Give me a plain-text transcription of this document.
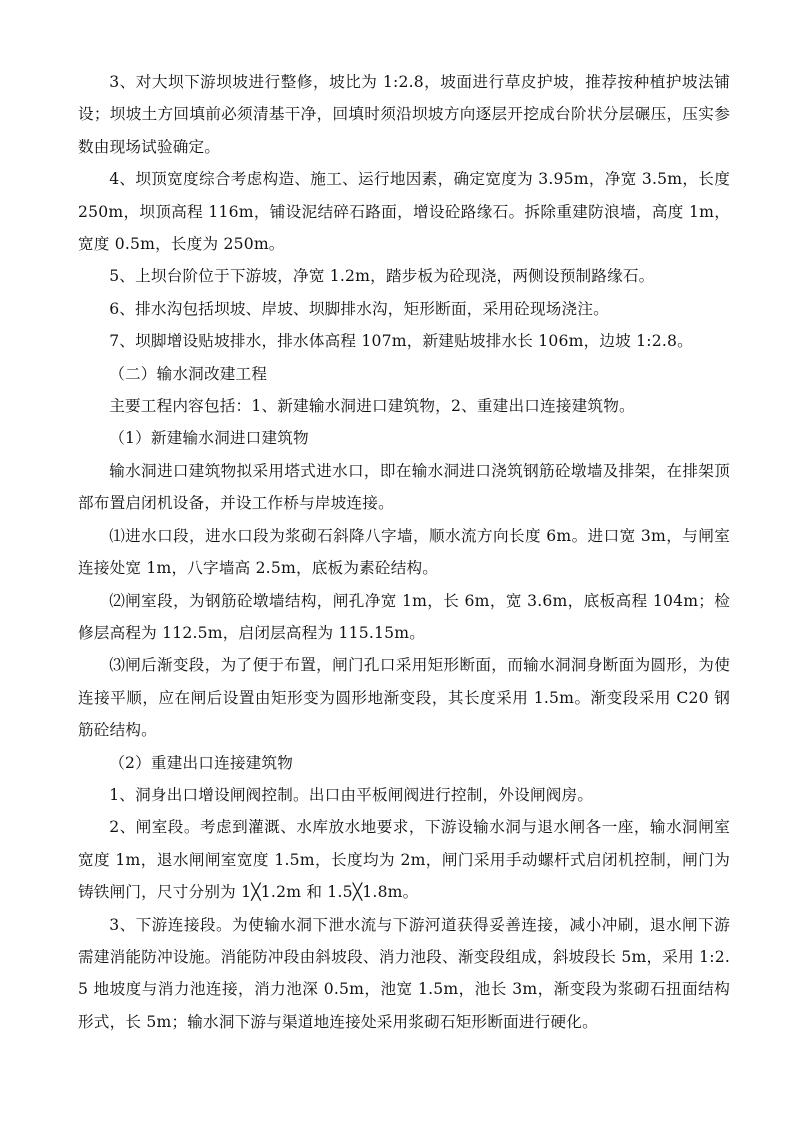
3、对大坝下游坝坡进行整修，坡比为 1:2.8，坡面进行草皮护坡，推荐按种植护坡法铺设；坝坡土方回填前必须清基干净，回填时须沿坝坡方向逐层开挖成台阶状分层碾压，压实参数由现场试验确定。

4、坝顶宽度综合考虑构造、施工、运行地因素，确定宽度为 3.95m，净宽 3.5m，长度 250m，坝顶高程 116m，铺设泥结碎石路面，增设砼路缘石。拆除重建防浪墙，高度 1m，宽度 0.5m，长度为 250m。

5、上坝台阶位于下游坡，净宽 1.2m，踏步板为砼现浇，两侧设预制路缘石。

6、排水沟包括坝坡、岸坡、坝脚排水沟，矩形断面，采用砼现场浇注。

7、坝脚增设贴坡排水，排水体高程 107m，新建贴坡排水长 106m，边坡 1:2.8。

（二）输水洞改建工程

主要工程内容包括：1、新建输水洞进口建筑物，2、重建出口连接建筑物。

（1）新建输水洞进口建筑物

输水洞进口建筑物拟采用塔式进水口，即在输水洞进口浇筑钢筋砼墩墙及排架，在排架顶部布置启闭机设备，并设工作桥与岸坡连接。

⑴进水口段，进水口段为浆砌石斜降八字墙，顺水流方向长度 6m。进口宽 3m，与闸室连接处宽 1m，八字墙高 2.5m，底板为素砼结构。

⑵闸室段，为钢筋砼墩墙结构，闸孔净宽 1m，长 6m，宽 3.6m，底板高程 104m；检修层高程为 112.5m，启闭层高程为 115.15m。

⑶闸后渐变段，为了便于布置，闸门孔口采用矩形断面，而输水洞洞身断面为圆形，为使连接平顺，应在闸后设置由矩形变为圆形地渐变段，其长度采用 1.5m。渐变段采用 C20 钢筋砼结构。

（2）重建出口连接建筑物

1、洞身出口增设闸阀控制。出口由平板闸阀进行控制，外设闸阀房。

2、闸室段。考虑到灌溉、水库放水地要求，下游设输水洞与退水闸各一座，输水洞闸室宽度 1m，退水闸闸室宽度 1.5m，长度均为 2m，闸门采用手动螺杆式启闭机控制，闸门为铸铁闸门，尺寸分别为 1╳1.2m 和 1.5╳1.8m。

3、下游连接段。为使输水洞下泄水流与下游河道获得妥善连接，减小冲刷，退水闸下游需建消能防冲设施。消能防冲段由斜坡段、消力池段、渐变段组成，斜坡段长 5m，采用 1:2.5 地坡度与消力池连接，消力池深 0.5m，池宽 1.5m，池长 3m，渐变段为浆砌石扭面结构形式，长 5m；输水洞下游与渠道地连接处采用浆砌石矩形断面进行硬化。
